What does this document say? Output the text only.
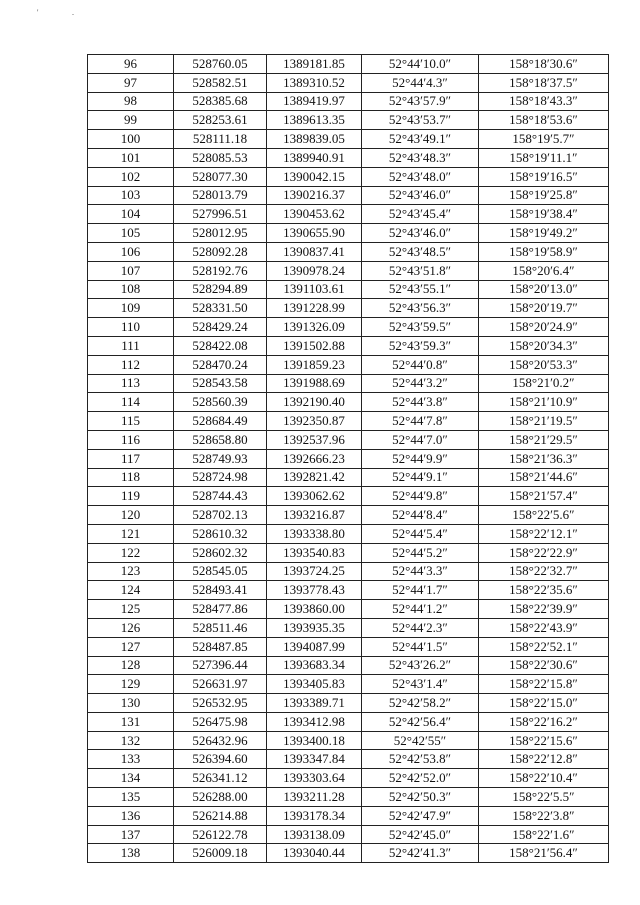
'	.
96	528760.05	1389181.85	52°44′10.0″	158°18′30.6″
97	528582.51	1389310.52	52°44′4.3″	158°18′37.5″
98	528385.68	1389419.97	52°43′57.9″	158°18′43.3″
99	528253.61	1389613.35	52°43′53.7″	158°18′53.6″
100	528111.18	1389839.05	52°43′49.1″	158°19′5.7″
101	528085.53	1389940.91	52°43′48.3″	158°19′11.1″
102	528077.30	1390042.15	52°43′48.0″	158°19′16.5″
103	528013.79	1390216.37	52°43′46.0″	158°19′25.8″
104	527996.51	1390453.62	52°43′45.4″	158°19′38.4″
105	528012.95	1390655.90	52°43′46.0″	158°19′49.2″
106	528092.28	1390837.41	52°43′48.5″	158°19′58.9″
107	528192.76	1390978.24	52°43′51.8″	158°20′6.4″
108	528294.89	1391103.61	52°43′55.1″	158°20′13.0″
109	528331.50	1391228.99	52°43′56.3″	158°20′19.7″
110	528429.24	1391326.09	52°43′59.5″	158°20′24.9″
111	528422.08	1391502.88	52°43′59.3″	158°20′34.3″
112	528470.24	1391859.23	52°44′0.8″	158°20′53.3″
113	528543.58	1391988.69	52°44′3.2″	158°21′0.2″
114	528560.39	1392190.40	52°44′3.8″	158°21′10.9″
115	528684.49	1392350.87	52°44′7.8″	158°21′19.5″
116	528658.80	1392537.96	52°44′7.0″	158°21′29.5″
117	528749.93	1392666.23	52°44′9.9″	158°21′36.3″
118	528724.98	1392821.42	52°44′9.1″	158°21′44.6″
119	528744.43	1393062.62	52°44′9.8″	158°21′57.4″
120	528702.13	1393216.87	52°44′8.4″	158°22′5.6″
121	528610.32	1393338.80	52°44′5.4″	158°22′12.1″
122	528602.32	1393540.83	52°44′5.2″	158°22′22.9″
123	528545.05	1393724.25	52°44′3.3″	158°22′32.7″
124	528493.41	1393778.43	52°44′1.7″	158°22′35.6″
125	528477.86	1393860.00	52°44′1.2″	158°22′39.9″
126	528511.46	1393935.35	52°44′2.3″	158°22′43.9″
127	528487.85	1394087.99	52°44′1.5″	158°22′52.1″
128	527396.44	1393683.34	52°43′26.2″	158°22′30.6″
129	526631.97	1393405.83	52°43′1.4″	158°22′15.8″
130	526532.95	1393389.71	52°42′58.2″	158°22′15.0″
131	526475.98	1393412.98	52°42′56.4″	158°22′16.2″
132	526432.96	1393400.18	52°42′55″	158°22′15.6″
133	526394.60	1393347.84	52°42′53.8″	158°22′12.8″
134	526341.12	1393303.64	52°42′52.0″	158°22′10.4″
135	526288.00	1393211.28	52°42′50.3″	158°22′5.5″
136	526214.88	1393178.34	52°42′47.9″	158°22′3.8″
137	526122.78	1393138.09	52°42′45.0″	158°22′1.6″
138	526009.18	1393040.44	52°42′41.3″	158°21′56.4″
